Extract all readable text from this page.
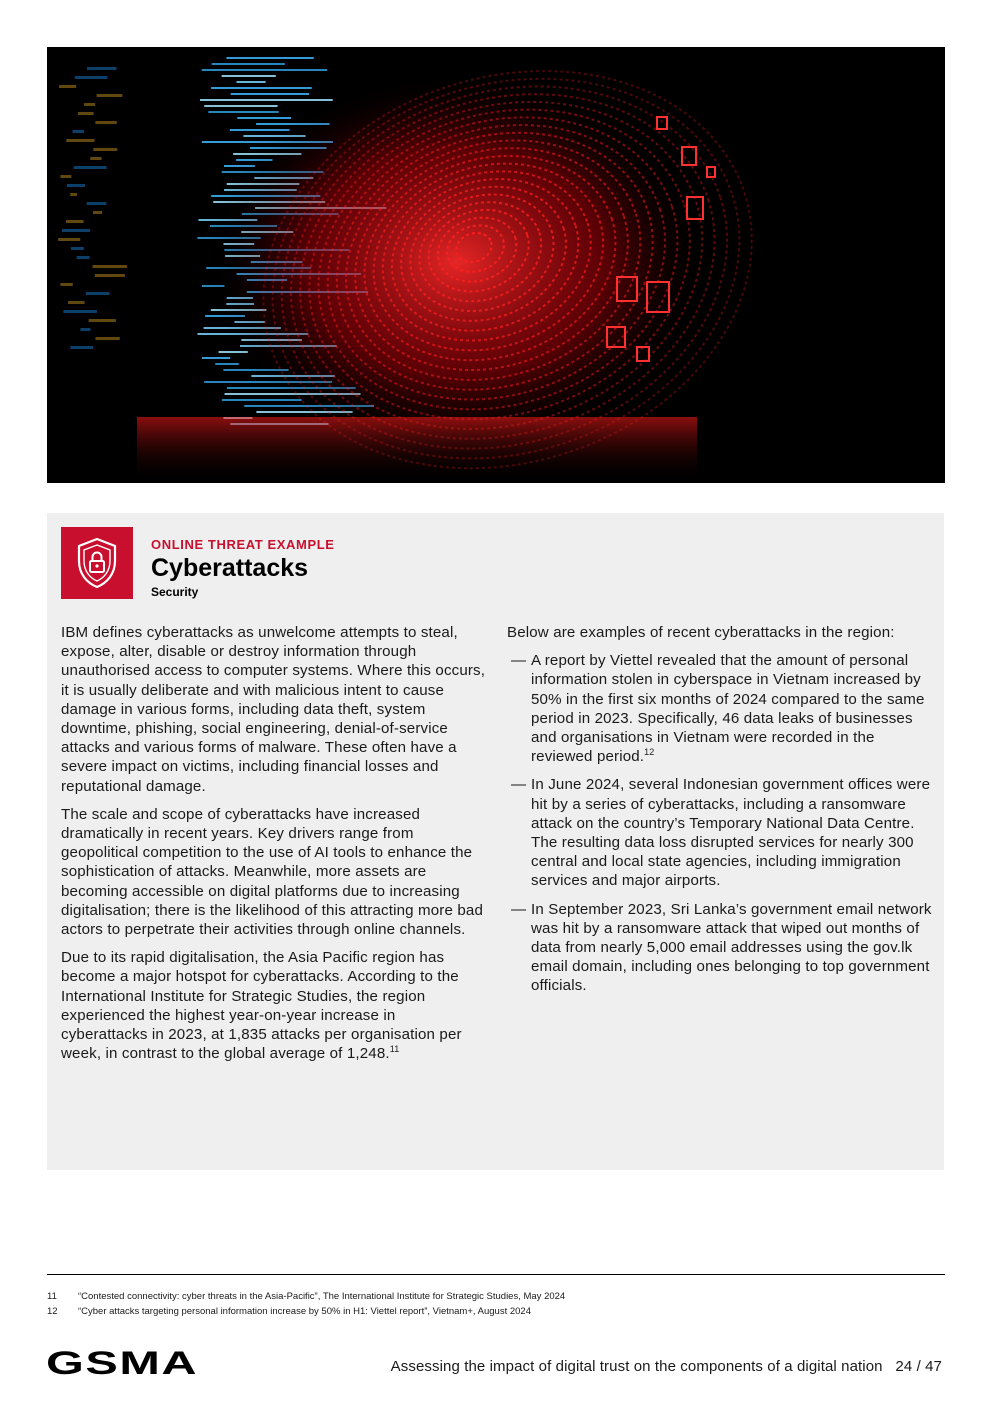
ONLINE THREAT EXAMPLE
Cyberattacks
Security

IBM defines cyberattacks as unwelcome attempts to steal, expose, alter, disable or destroy information through unauthorised access to computer systems. Where this occurs, it is usually deliberate and with malicious intent to cause damage in various forms, including data theft, system downtime, phishing, social engineering, denial-of-service attacks and various forms of malware. These often have a severe impact on victims, including financial losses and reputational damage.

The scale and scope of cyberattacks have increased dramatically in recent years. Key drivers range from geopolitical competition to the use of AI tools to enhance the sophistication of attacks. Meanwhile, more assets are becoming accessible on digital platforms due to increasing digitalisation; there is the likelihood of this attracting more bad actors to perpetrate their activities through online channels.

Due to its rapid digitalisation, the Asia Pacific region has become a major hotspot for cyberattacks. According to the International Institute for Strategic Studies, the region experienced the highest year-on-year increase in cyberattacks in 2023, at 1,835 attacks per organisation per week, in contrast to the global average of 1,248.11

Below are examples of recent cyberattacks in the region:

— A report by Viettel revealed that the amount of personal information stolen in cyberspace in Vietnam increased by 50% in the first six months of 2024 compared to the same period in 2023. Specifically, 46 data leaks of businesses and organisations in Vietnam were recorded in the reviewed period.$^{12}$
— In June 2024, several Indonesian government offices were hit by a series of cyberattacks, including a ransomware attack on the country’s Temporary National Data Centre. The resulting data loss disrupted services for nearly 300 central and local state agencies, including immigration services and major airports.
— In September 2023, Sri Lanka’s government email network was hit by a ransomware attack that wiped out months of data from nearly 5,000 email addresses using the gov.lk email domain, including ones belonging to top government officials.
11 “Contested connectivity: cyber threats in the Asia-Pacific”, The International Institute for Strategic Studies, May 2024
12 “Cyber attacks targeting personal information increase by 50% in H1: Viettel report”, Vietnam+, August 2024
GSMA	Assessing the impact of digital trust on the components of a digital nation 24 / 47
